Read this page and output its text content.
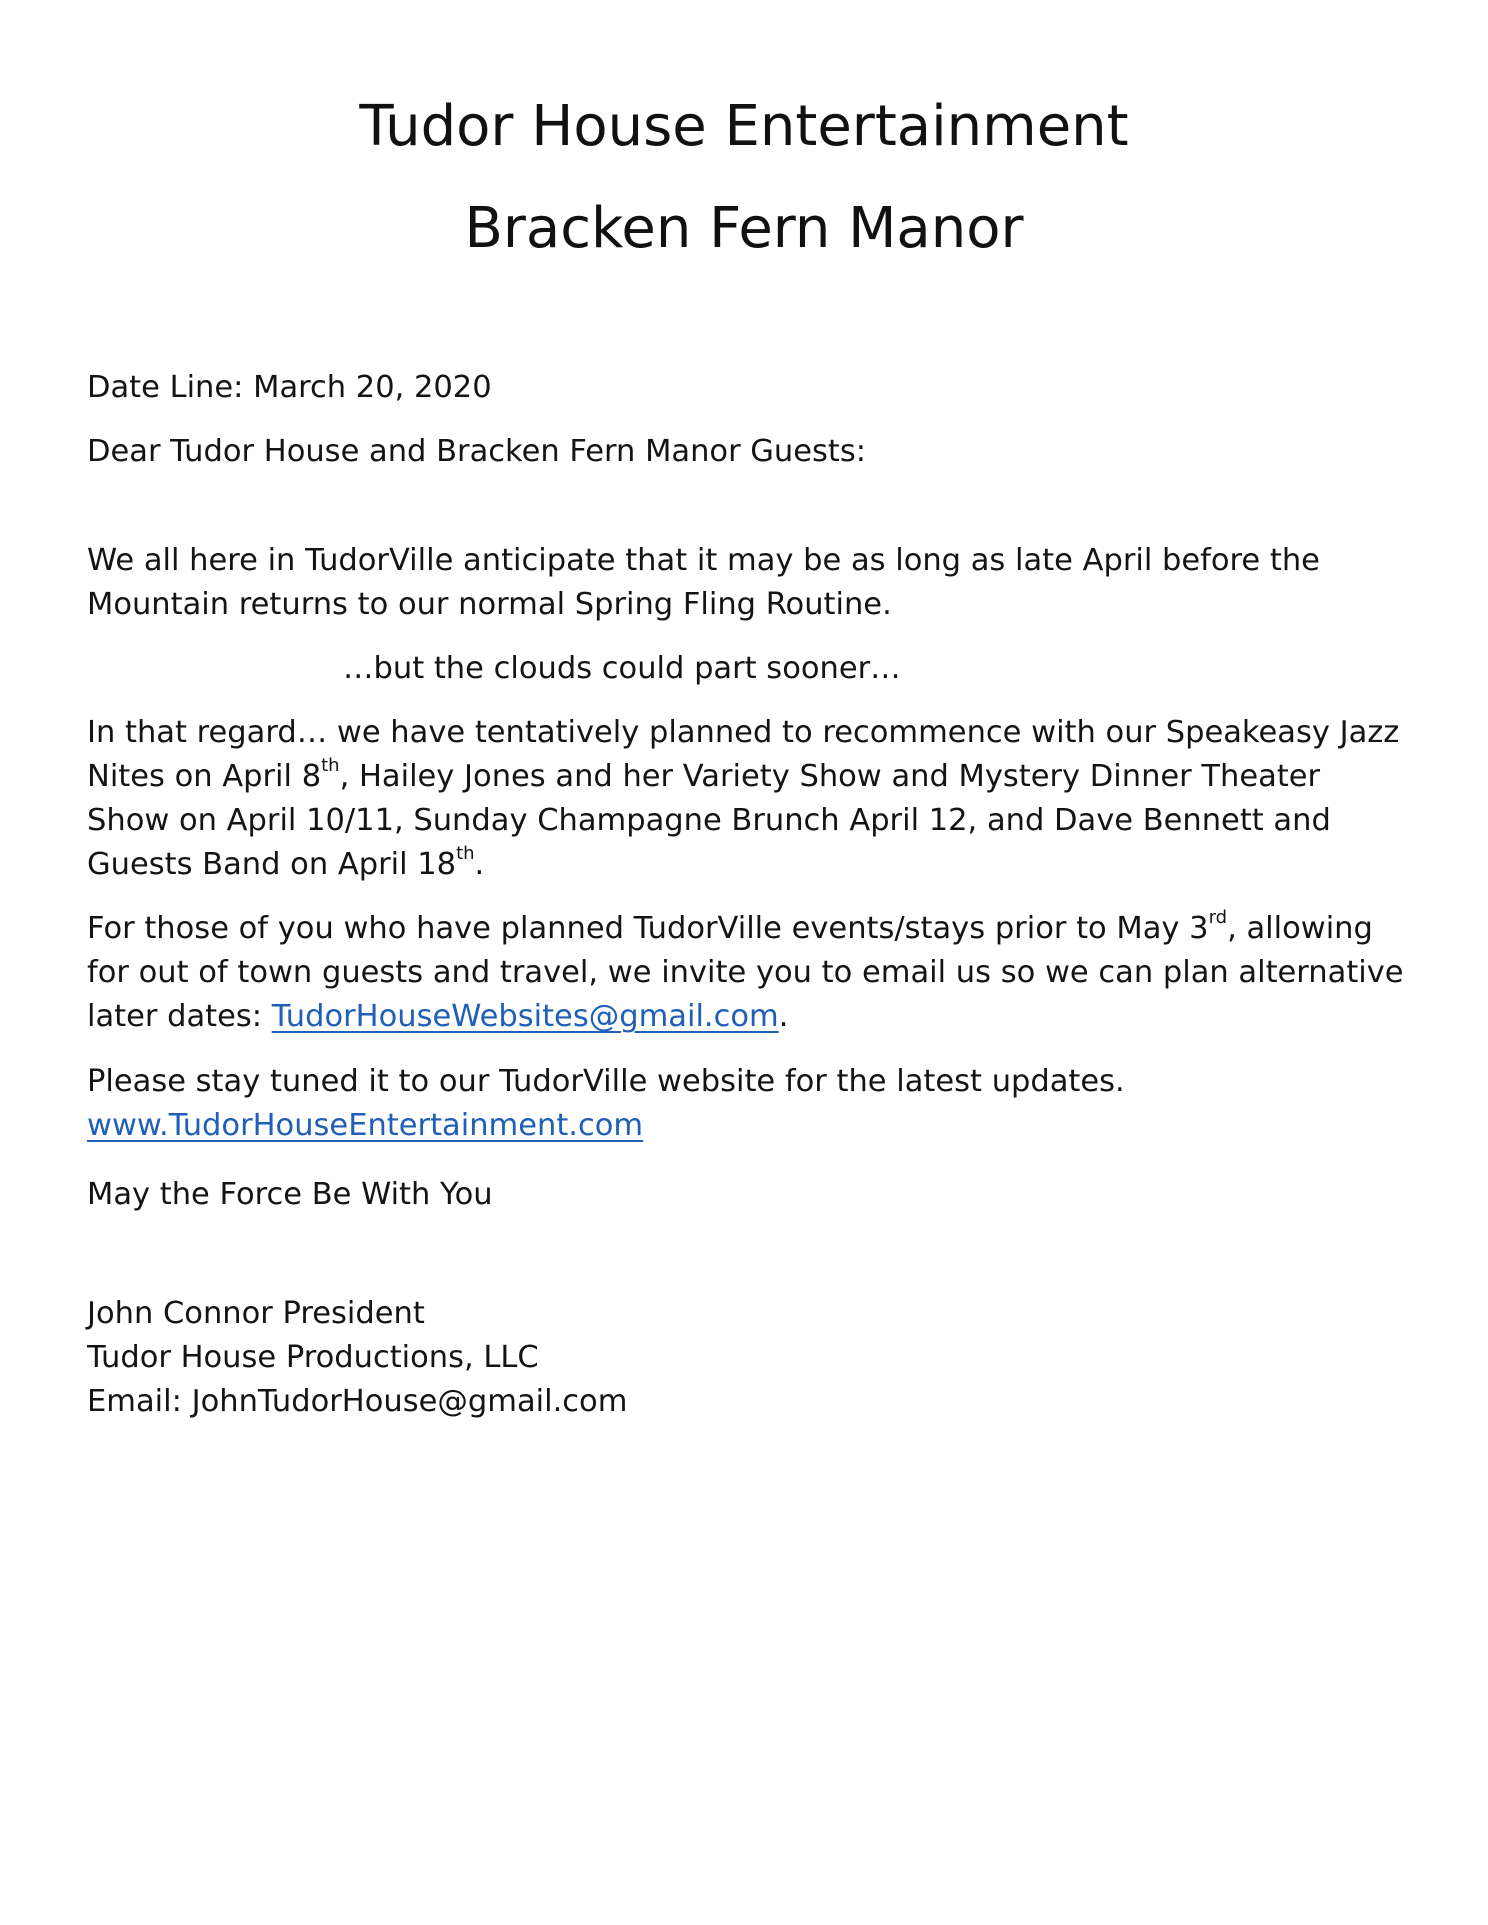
Tudor House Entertainment
Bracken Fern Manor
Date Line: March 20, 2020
Dear Tudor House and Bracken Fern Manor Guests:
We all here in TudorVille anticipate that it may be as long as late April before the
Mountain returns to our normal Spring Fling Routine.
…but the clouds could part sooner…
In that regard… we have tentatively planned to recommence with our Speakeasy Jazz
Nites on April 8th, Hailey Jones and her Variety Show and Mystery Dinner Theater
Show on April 10/11, Sunday Champagne Brunch April 12, and Dave Bennett and
Guests Band on April 18th.
For those of you who have planned TudorVille events/stays prior to May 3rd, allowing
for out of town guests and travel, we invite you to email us so we can plan alternative
later dates: TudorHouseWebsites@gmail.com.
Please stay tuned it to our TudorVille website for the latest updates.
www.TudorHouseEntertainment.com
May the Force Be With You
John Connor President
Tudor House Productions, LLC
Email: JohnTudorHouse@gmail.com
